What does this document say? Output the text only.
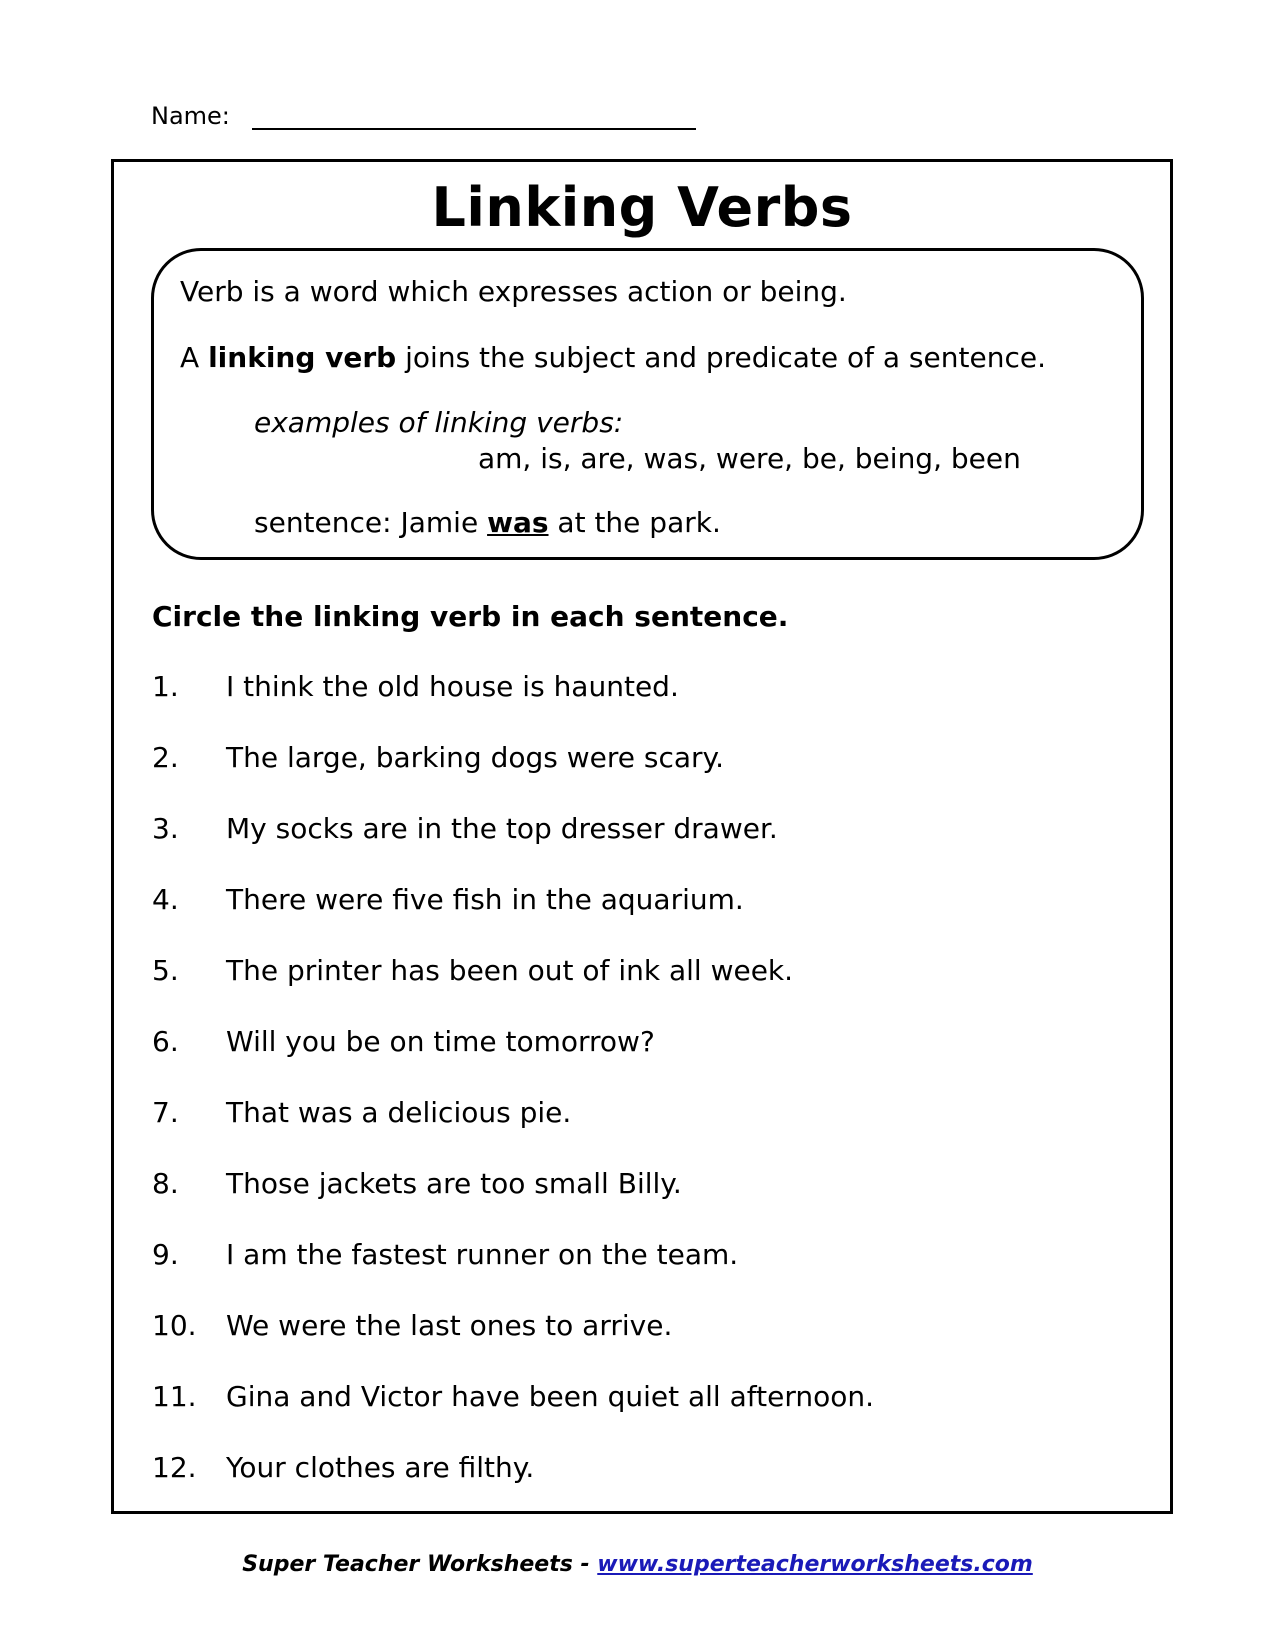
Name:
Linking Verbs
Verb is a word which expresses action or being.
A linking verb joins the subject and predicate of a sentence.
examples of linking verbs:
am, is, are, was, were, be, being, been
sentence: Jamie was at the park.
Circle the linking verb in each sentence.
1. I think the old house is haunted.
2. The large, barking dogs were scary.
3. My socks are in the top dresser drawer.
4. There were five fish in the aquarium.
5. The printer has been out of ink all week.
6. Will you be on time tomorrow?
7. That was a delicious pie.
8. Those jackets are too small Billy.
9. I am the fastest runner on the team.
10. We were the last ones to arrive.
11. Gina and Victor have been quiet all afternoon.
12. Your clothes are filthy.
Super Teacher Worksheets - www.superteacherworksheets.com
